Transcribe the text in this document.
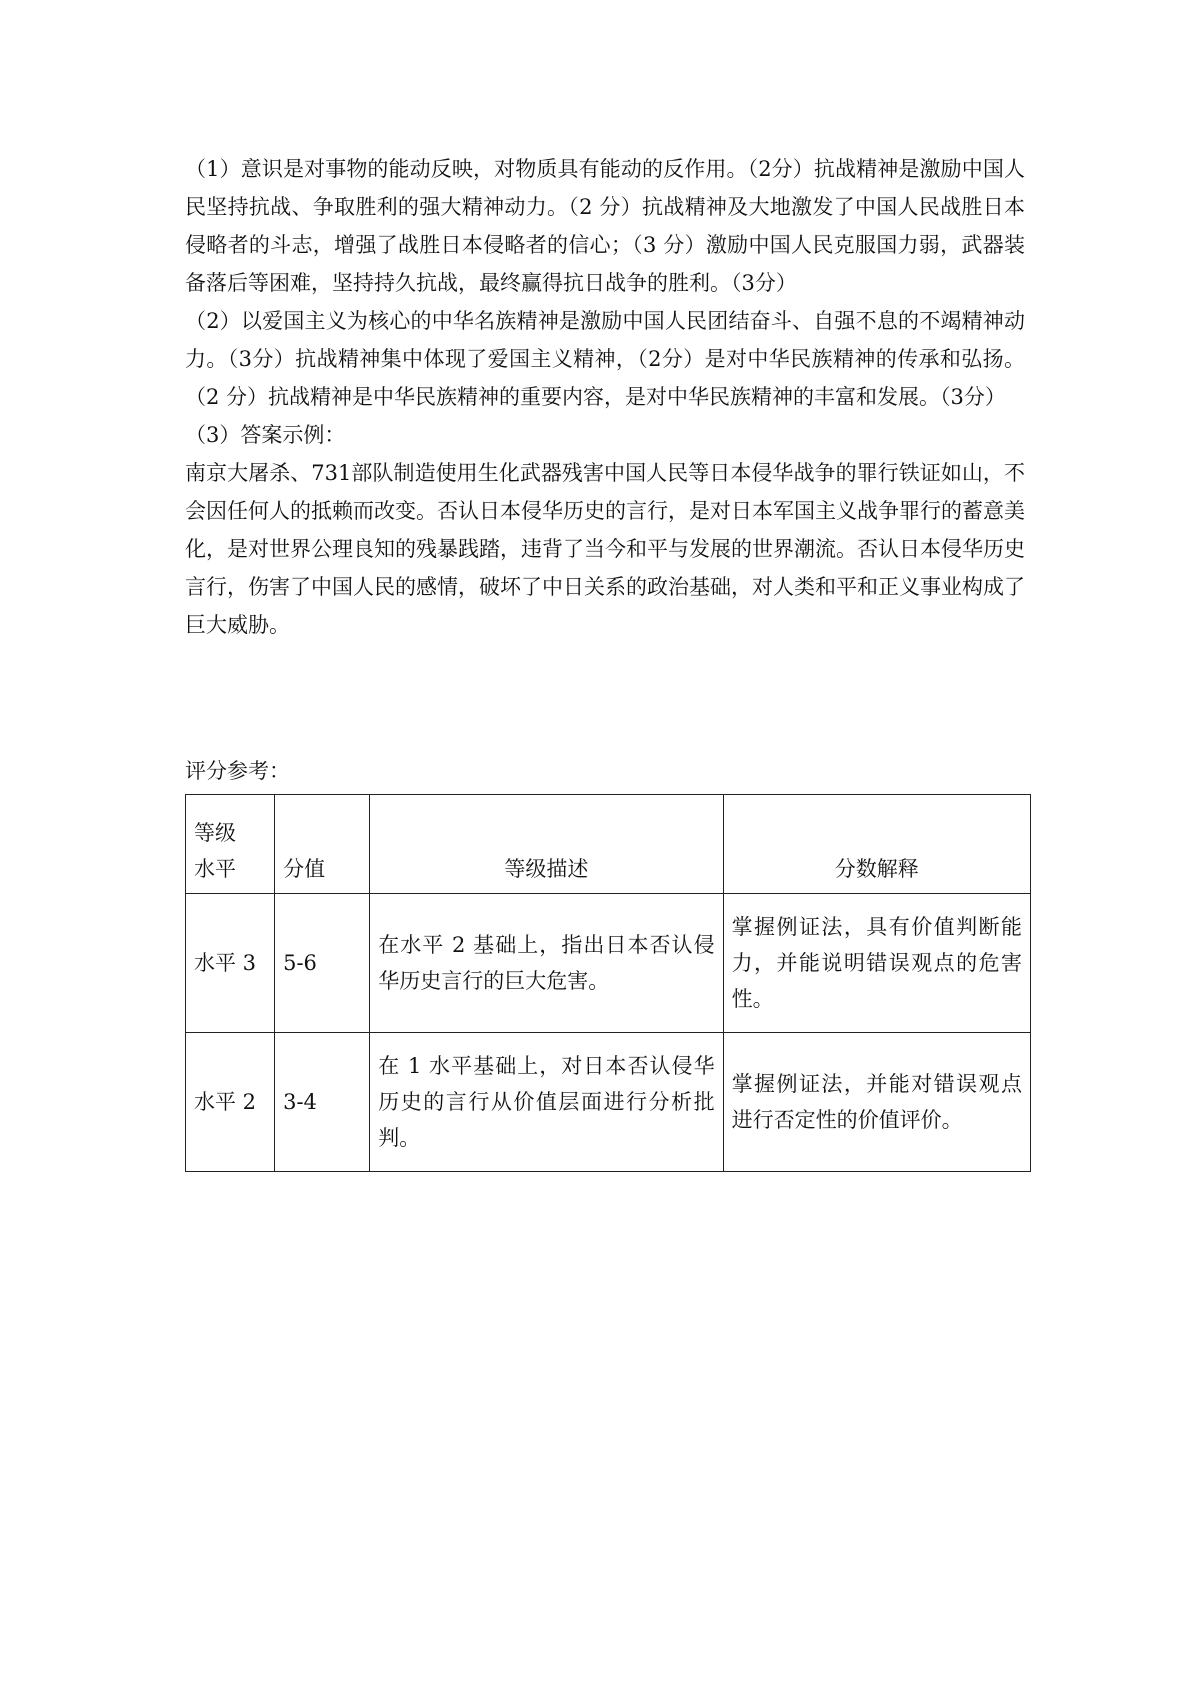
（1）意识是对事物的能动反映，对物质具有能动的反作用。（2分）抗战精神是激励中国人民坚持抗战、争取胜利的强大精神动力。（2 分）抗战精神及大地激发了中国人民战胜日本侵略者的斗志，增强了战胜日本侵略者的信心；（3 分）激励中国人民克服国力弱，武器装备落后等困难，坚持持久抗战，最终赢得抗日战争的胜利。（3分）

（2）以爱国主义为核心的中华名族精神是激励中国人民团结奋斗、自强不息的不竭精神动力。（3分）抗战精神集中体现了爱国主义精神，（2分）是对中华民族精神的传承和弘扬。（2 分）抗战精神是中华民族精神的重要内容，是对中华民族精神的丰富和发展。（3分）

（3）答案示例：

南京大屠杀、731部队制造使用生化武器残害中国人民等日本侵华战争的罪行铁证如山，不会因任何人的抵赖而改变。否认日本侵华历史的言行，是对日本军国主义战争罪行的蓄意美化，是对世界公理良知的残暴践踏，违背了当今和平与发展的世界潮流。否认日本侵华历史言行，伤害了中国人民的感情，破坏了中日关系的政治基础，对人类和平和正义事业构成了巨大威胁。

评分参考：

等级
水平	分值	等级描述	分数解释
水平 3	5-6	在水平 2 基础上，指出日本否认侵华历史言行的巨大危害。	掌握例证法，具有价值判断能力，并能说明错误观点的危害性。
水平 2	3-4	在 1 水平基础上，对日本否认侵华历史的言行从价值层面进行分析批判。	掌握例证法，并能对错误观点进行否定性的价值评价。
